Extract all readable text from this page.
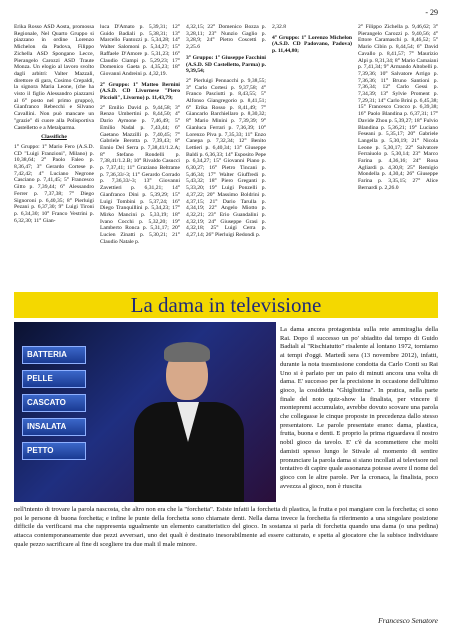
- 29

Erika Rosso ASD Aosta, promossa Regionale, Nel Quarto Gruppo si piazzano in ordine Lorenzo Michelon da Padova, Filippo Zichella ASD Spongano Lecce, Pierangelo Carozzi ASD Traute Monza. Un elogio al lavoro svolto dagli arbitri: Valter Mazzali, direttore di gara, Cosimo Crepaldi, la signora Maria Leone, (che ha visto il figlio Alessandro piazzarsi al 6° posto nel primo gruppo), Gianfranco Rebecchi e Silvano Cavallini. Non può mancare un "grazie" di cuore alla Polisportiva Castelletto e a Metalparma.

Classifiche

1° Gruppo: 1° Mario Fero (A.S.D. CD "Luigi Franzioni", Milano) p. 10,38,64; 2° Paolo Faleo p. 8,36,47; 3° Gerardo Cortese p. 7,42,42; 4° Luciano Negrone Casciano p. 7,41,45; 5° Francesco Gitto p. 7,39,44; 6° Alessandro Ferrer p. 7,37,38; 7° Diego Signoroni p. 6,40,35; 8° Pierluigi Pezani p. 6,37,30; 9° Luigi Tironi p. 6,34,30; 10° Franco Vestrini p. 6,32,30; 11° Gian-

luca D'Amato p. 5,39,31; 12° Guido Badiali p. 5,38,31; 13° Marcello Fantozzi p. 5,34,28; 14° Walter Salomoni p. 5,34,27; 15° Raffaele D'Amore p. 5,31,23; 16° Claudio Ciampi p. 5,29,23; 17° Domenico Gaeta p. 4,35,23; 18° Giovanni Andreini p. 4,32,19.

2° Gruppo: 1° Matteo Bernini (A.S.D. CD Livornese "Piero Piccioli", Livorno) p. 11,43,79;

2° Emilio David p. 9,44,58; 3° Renzo Umbertini p. 8,44,50; 4° Dario Aymone p. 7,46,49; 5° Emilio Nadal p. 7,43,44; 6° Gaetano Mazzilli p. 7,40,45; 7° Gabriele Berotta p. 7,39,43; 8° Ennio Del Serra p. 7,38,41/1.2.A; 8° Stefano Rondelli p. 7,38,41/1.2.B; 10° Rivaldo Casucci p. 7,37,41; 11° Graziano Beltrame p. 7,36,33/-3; 11° Gerardo Corrado p. 7,36,33/-3; 13° Giovanni Zavettieri p. 6,31,21; 14° Gianfranco Dini p. 5,39,29; 15° Luigi Tombini p. 5,37,24; 16° Diego Tranquillini p. 5,34,23; 17° Mirko Mancini p. 5,33,19; 18° Ivano Cocchi p. 5,32,20; 19° Lamberto Ronca p. 5,31,17; 20° Lucien Zinatti p. 5,30,21; 21° Claudio Natale p.

4,32,15; 22° Domenico Bozza p. 3,28,11; 23° Nunzio Gaglio p. 3,28,9; 24° Pietro Coscetti p. 2,25.6

3° Gruppo: 1° Giuseppe Facchini (A.S.D. SD Castelletto, Parma) p. 9,39,54;

2° Pierluigi Pennacchi p. 9,38,55; 3° Carlo Cortesi p. 9,37,58; 4° Franco Pasciutti p. 8,43,55; 5° Alfonso Giangregorio p. 8,41,51; 6° Erika Rosso p. 8,41,49; 7° Giancarlo Barchiellaro p. 8,30,32; 8° Mario Minini p. 7,39,39; 9° Gianluca Ferrari p. 7,36,39; 10° Lorenzo Piva p. 7,35,33; 11° Enzo Canepa p. 7,32,34; 12° Benito Lettieri p. 6,40,34; 13° Giuseppe Baldi p. 6,36,33; 14° Esposito Pepe p. 6,34,27; 15° Giovanni Piano p. 6,30,27; 16° Pietro Tincani p. 5,46,34; 17° Walter Giuffredi p. 5,43,32; 18° Piero Greganti p. 5,33,20; 19° Luigi Ponzelli p. 4,37,22; 20° Massimo Boldrini p. 4,37,15; 21° Dario Tarulla p. 4,34,19; 22° Angelo Miotto p. 4,32,21; 23° Erio Guandalini p. 4,32,19; 24° Giuseppe Grasi p. 4,32,18; 25° Luigi Cerra p. 4,27,14; 26° Pierluigi Redondi p.

2,32.8

4° Gruppo: 1° Lorenzo Michelon (A.S.D. CD Padovano, Padova) p. 11,44,80;

2° Filippo Zichella p. 9,46,62; 3° Pierangelo Carozzi p. 9,40,56; 4° Ettore Caramaschi p. 8,46,52; 5° Mario Cibin p. 8,44,54; 6° David Cavallo p. 8,41,57; 7° Maurizio Alpi p. 8,31,34; 8° Mario Camaiani p. 7,41,34; 9° Armando Altobelli p. 7,39,36; 10° Salvatore Arrigo p. 7,36,36; 11° Bruno Santioni p. 7,36,34; 12° Carlo Gessi p. 7,34,39; 13° Sylvie Proment p. 7,29,31; 14° Carlo Brini p. 6,45,38; 15° Francesco Crocco p. 6,39,38; 16° Paolo Blandina p. 6,37,31; 17° Davide Zhou p. 5,39,27; 18° Fulvio Blandina p. 5,36,21; 19° Luciano Feseani p. 5,35,17; 20° Gabriele Langella p. 5,30,19; 21° Nicola Leone p. 5,30,17; 22° Salvatore Ferraiuolo p. 5,30,14; 23° Marco Farina p. 4,36,16; 24° Rosa Agliardi p. 4,30,8; 25° Remigio Mondella p. 4,30,4; 26° Giuseppe Farina p. 3,35,15; 27° Alice Bernardi p. 2,26.0

La dama in televisione
BATTERIA
PELLE
CASCATO
INSALATA
PETTO

La dama ancora protagonista sulla rete ammiraglia della Rai. Dopo il successo un po' sbiadito dal tempo di Guido Badiali al "Rischiatutto" risalente al lontano 1972, torniamo ai tempi d'oggi. Martedì sera (13 novembre 2012), infatti, durante la nota trasmissione condotta da Carlo Conti su Rai Uno si è parlato per un paio di minuti ancora una volta di dama. E' successo per la precisione in occasione dell'ultimo gioco, la cosiddetta "Ghigliottina". In pratica, nella parte finale del noto quiz-show la finalista, per vincere il montepremi accumulato, avrebbe dovuto scovare una parola che collegasse le cinque proposte in precedenza dallo stesso presentatore. Le parole presentate erano: dama, plastica, frutta, buona e denti. E proprio la prima riguardava il nostro nobil gioco da tavolo. E' c'è da scommettere che molti damisti spesso lungo le Stivale al momento di sentire pronunciare la parola dama si siano incollati al televisore nel tentativo di capire quale assonanza potesse avere il nome del gioco con le altre parole. Per la cronaca, la finalista, poco avvezza al gioco, non è riuscita

nell'intento di trovare la parola nascosta, che altro non era che la "forchetta". Esiste infatti la forchetta di plastica, la frutta e poi mangiare con la forchetta; ci sono poi le persone di buona forchetta; e infine le punte della forchetta sono chiamate denti. Nella dama invece la forchetta fa riferimento a una singolare posizione difficile da verificarsi ma che rappresenta ugualmente un elemento caratteristico del gioco. In sostanza si parla di forchetta quando una dama (o una pedina) attacca contemporaneamente due pezzi avversari, uno dei quali è destinato inesorabilmente ad essere catturato, e spetta al giocatore che la subisce individuare quale pezzo sacrificare al fine di scegliere tra due mali il male minore.

Francesco Senatore
